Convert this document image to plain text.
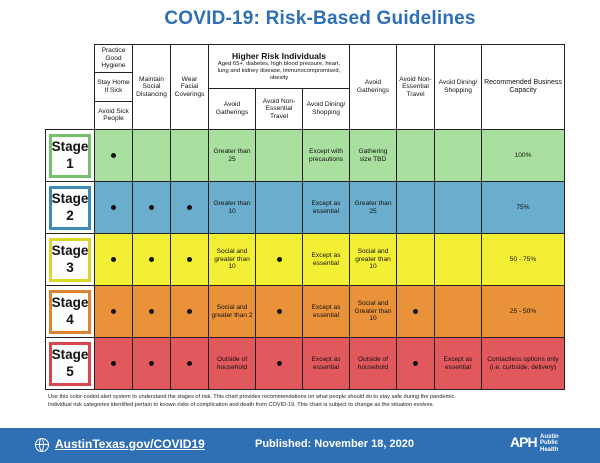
COVID-19: Risk-Based Guidelines
Practice Good Hygiene
Stay Home If Sick
Avoid Sick People
Maintain Social Distancing
Wear Facial Coverings
Higher Risk Individuals
Aged 65+, diabetes, high blood pressure, heart, lung and kidney disease, immunocompromised, obesity
Avoid Gatherings
Avoid Non-Essential Travel
Avoid Dining/ Shopping
Avoid Gatherings
Avoid Non-Essential Travel
Avoid Dining/ Shopping
Recommended Business Capacity
Stage
1
Greater than 25
Except with precautions
Gathering size TBD
100%
Stage
2
Greater than 10
Except as essential
Greater than 25
75%
Stage
3
Social and greater than 10
Except as essential
Social and greater than 10
50 - 75%
Stage
4
Social and greater than 2
Except as essential
Social and Greater than 10
25 - 50%
Stage
5
Outside of household
Except as essential
Outside of household
Except as essential
Contactless options only (i.e. curbside, delivery)
Use this color-coded alert system to understand the stages of risk. This chart provides recommendations on what people should do to stay safe during the pandemic.
Individual risk categories identified pertain to known risks of complication and death from COVID-19. This chart is subject to change as the situation evolves.
AustinTexas.gov/COVID19	Published: November 18, 2020	APH Austin
Public
Health
